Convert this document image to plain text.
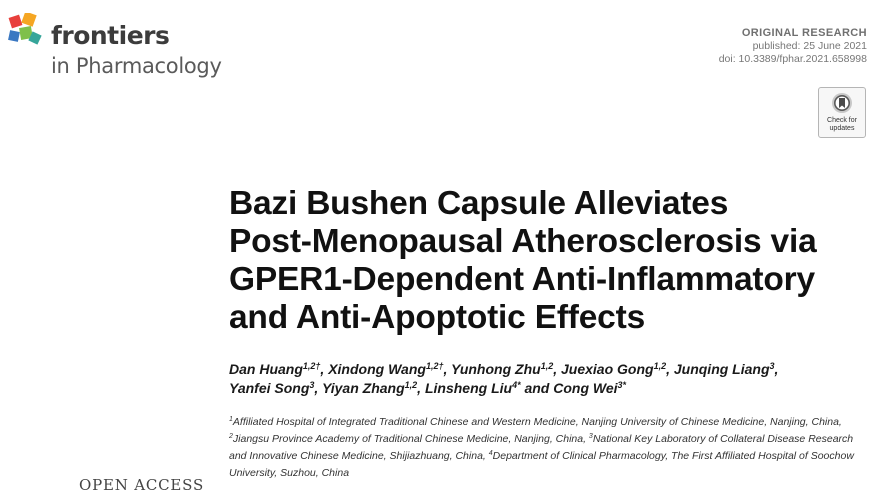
frontiers
in Pharmacology
ORIGINAL RESEARCH
published: 25 June 2021
doi: 10.3389/fphar.2021.658998
Check for
updates
Bazi Bushen Capsule Alleviates
Post-Menopausal Atherosclerosis via
GPER1-Dependent Anti-Inflammatory
and Anti-Apoptotic Effects
Dan Huang$^{1,2\dagger}$, Xindong Wang$^{1,2\dagger}$, Yunhong Zhu$^{1,2}$, Juexiao Gong$^{1,2}$, Junqing Liang$^3$,
Yanfei Song$^3$, Yiyan Zhang$^{1,2}$, Linsheng Liu$^{4*}$ and Cong Wei$^{3*}$
$^1$Affiliated Hospital of Integrated Traditional Chinese and Western Medicine, Nanjing University of Chinese Medicine, Nanjing, China, $^2$Jiangsu Province Academy of Traditional Chinese Medicine, Nanjing, China, $^3$National Key Laboratory of Collateral Disease Research and Innovative Chinese Medicine, Shijiazhuang, China, $^4$Department of Clinical Pharmacology, The First Affiliated Hospital of Soochow University, Suzhou, China
OPEN ACCESS
